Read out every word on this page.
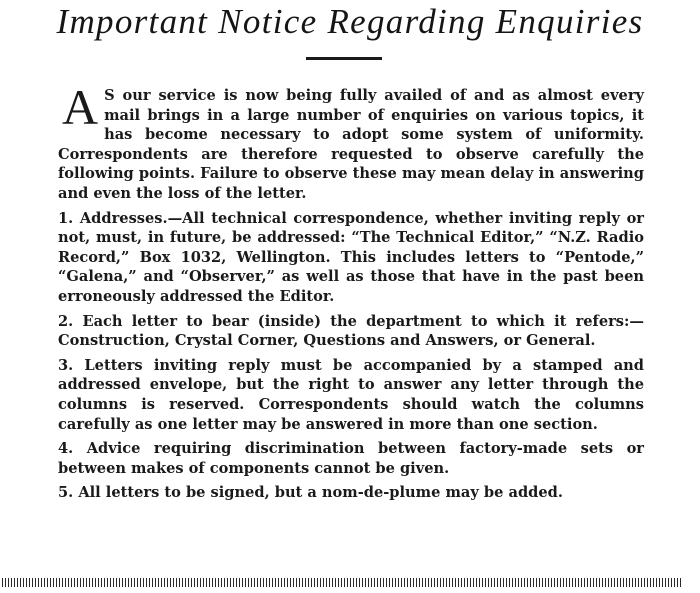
Important Notice Regarding Enquiries

A S our service is now being fully availed of and as almost every mail brings in a large number of enquiries on various topics, it has become necessary to adopt some system of uniformity. Correspondents are therefore requested to observe carefully the following points. Failure to observe these may mean delay in answering and even the loss of the letter.

1. Addresses.—All technical correspondence, whether inviting reply or not, must, in future, be addressed: “The Technical Editor,” “N.Z. Radio Record,” Box 1032, Wellington. This includes letters to “Pentode,” “Galena,” and “Observer,” as well as those that have in the past been erroneously addressed the Editor.

2. Each letter to bear (inside) the department to which it refers:—Construction, Crystal Corner, Questions and Answers, or General.

3. Letters inviting reply must be accompanied by a stamped and addressed envelope, but the right to answer any letter through the columns is reserved. Correspondents should watch the columns carefully as one letter may be answered in more than one section.

4. Advice requiring discrimination between factory-made sets or between makes of components cannot be given.

5. All letters to be signed, but a nom-de-plume may be added.
